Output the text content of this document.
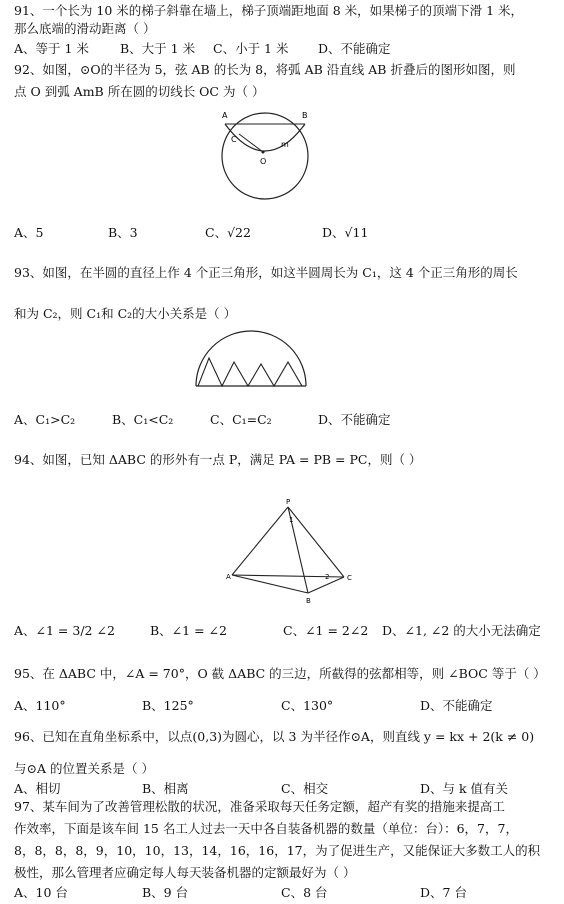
91、一个长为 10 米的梯子斜靠在墙上，梯子顶端距地面 8 米，如果梯子的顶端下滑 1 米，
那么底端的滑动距离（ ）
A、等于 1 米 B、大于 1 米 C、小于 1 米 D、不能确定
92、如图，⊙O的半径为 5，弦 AB 的长为 8，将弧 AB 沿直线 AB 折叠后的图形如图，则
点 O 到弧 AmB 所在圆的切线长 OC 为（ ）
A	B
C
O
m
A、5	B、3	C、√22	D、√11
93、如图，在半圆的直径上作 4 个正三角形，如这半圆周长为 C₁，这 4 个正三角形的周长
和为 C₂，则 C₁和 C₂的大小关系是（ ）
A、C₁>C₂	B、C₁<C₂	C、C₁=C₂	D、不能确定
94、如图，已知 ΔABC 的形外有一点 P，满足 PA = PB = PC，则（ ）
P
1
A
B
C
2
A、∠1 = 3/2 ∠2	B、∠1 = ∠2	C、∠1 = 2∠2 D、∠1, ∠2 的大小无法确定
95、在 ΔABC 中，∠A = 70°，O 截 ΔABC 的三边，所截得的弦都相等，则 ∠BOC 等于（ ）
A、110°	B、125°	C、130°	D、不能确定
96、已知在直角坐标系中，以点(0,3)为圆心，以 3 为半径作⊙A，则直线 y = kx + 2(k ≠ 0)
与⊙A 的位置关系是（ ）
A、相切	B、相离	C、相交	D、与 k 值有关
97、某车间为了改善管理松散的状况，准备采取每天任务定额，超产有奖的措施来提高工
作效率，下面是该车间 15 名工人过去一天中各自装备机器的数量（单位：台）：6，7，7，
8，8，8，8，9，10，10，13，14，16，16，17，为了促进生产，又能保证大多数工人的积
极性，那么管理者应确定每人每天装备机器的定额最好为（ ）
A、10 台	B、9 台	C、8 台	D、7 台
